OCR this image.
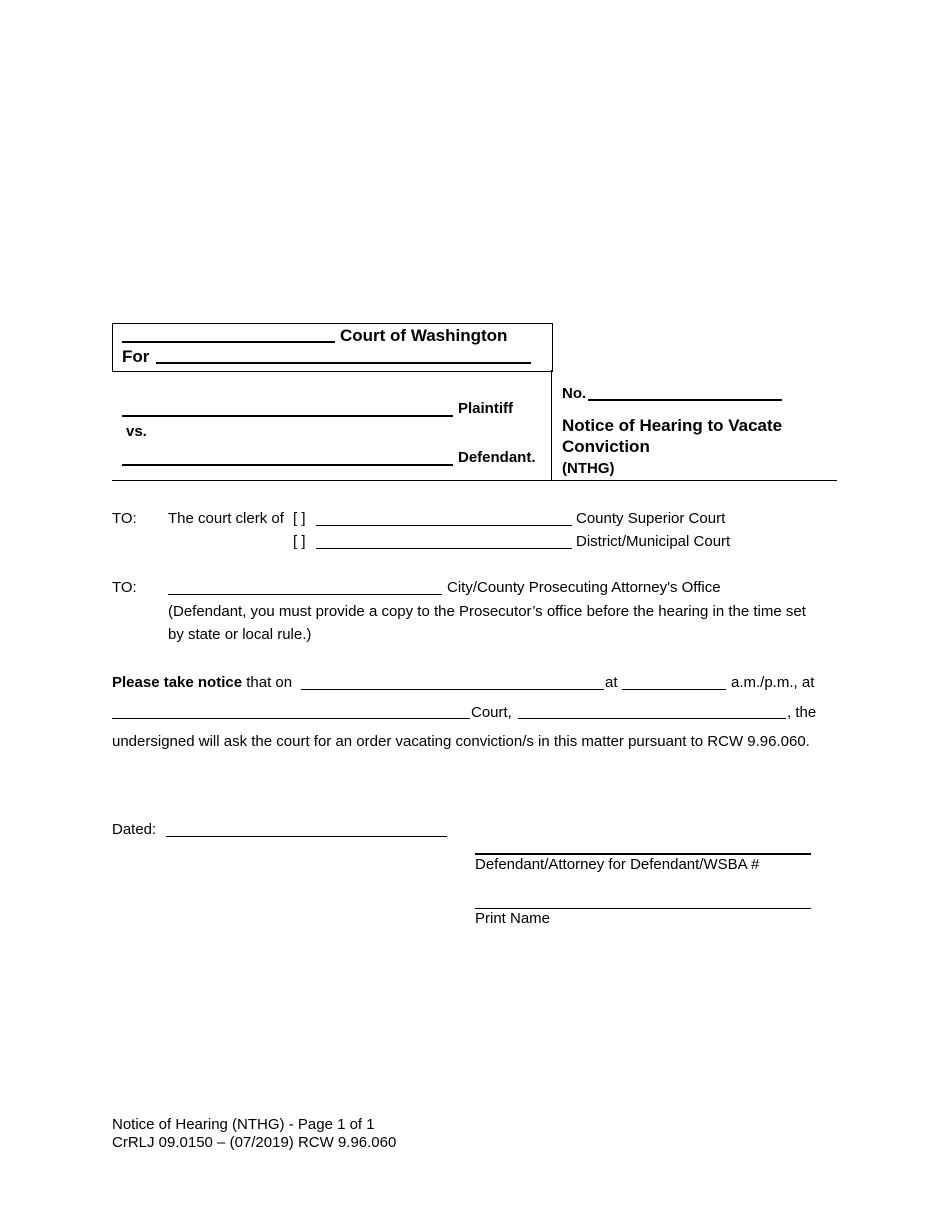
Court of Washington
For
Plaintiff
vs.
Defendant.
No.
Notice of Hearing to Vacate
Conviction
(NTHG)
TO: The court clerk of [ ]	County Superior Court
[ ]	District/Municipal Court
TO:	City/County Prosecuting Attorney's Office
(Defendant, you must provide a copy to the Prosecutor’s office before the hearing in the time set
by state or local rule.)
Please take notice that on	at	a.m./p.m., at
Court,	, the
undersigned will ask the court for an order vacating conviction/s in this matter pursuant to RCW 9.96.060.
Dated:
Defendant/Attorney for Defendant/WSBA #
Print Name
Notice of Hearing (NTHG) - Page 1 of 1
CrRLJ 09.0150 – (07/2019) RCW 9.96.060
